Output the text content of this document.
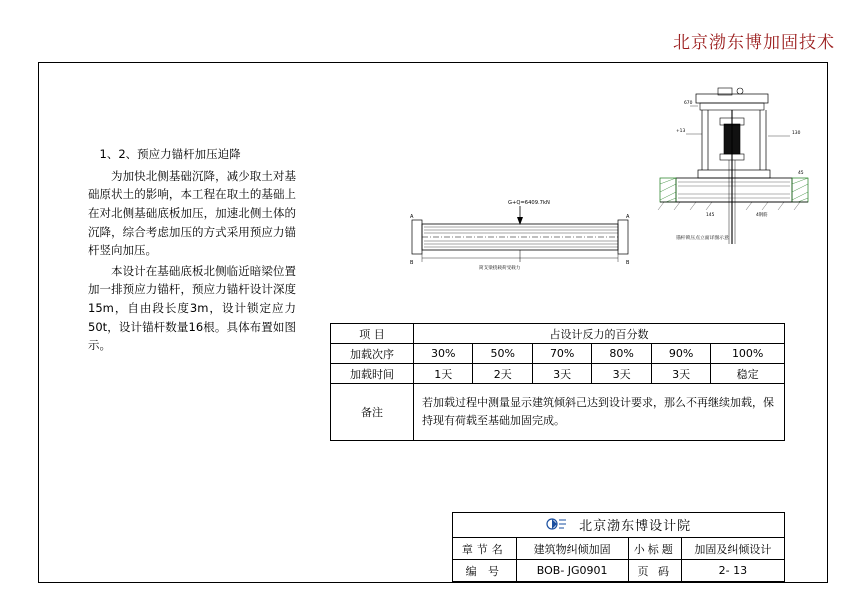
北京渤东博加固技术

1、2、预应力锚杆加压迫降

为加快北侧基础沉降，减少取土对基础原状土的影响，本工程在取土的基础上在对北侧基础底板加压，加速北侧土体的沉降，综合考虑加压的方式采用预应力锚杆竖向加压。

本设计在基础底板北侧临近暗梁位置加一排预应力锚杆，预应力锚杆设计深度15m，自由段长度3m，设计锁定应力50t，设计锚杆数量16根。具体布置如图示。

G+Q=6409.7kN
A
B
A
B
简支梁挠载荷受载力
670
+13	130
45
4钢筋
145
锚杆锁压点立面详图示意
项 目	占设计反力的百分数					
加载次序	30%	50%	70%	80%	90%	100%
加载时间	1天	2天	3天	3天	3天	稳定
备注	若加载过程中测量显示建筑倾斜己达到设计要求，那么不再继续加载，保持现有荷载至基础加固完成。					
北京渤东博设计院			
章节名	建筑物纠倾加固	小标题	加固及纠倾设计
编 号	BOB- JG0901	页 码	2- 13
